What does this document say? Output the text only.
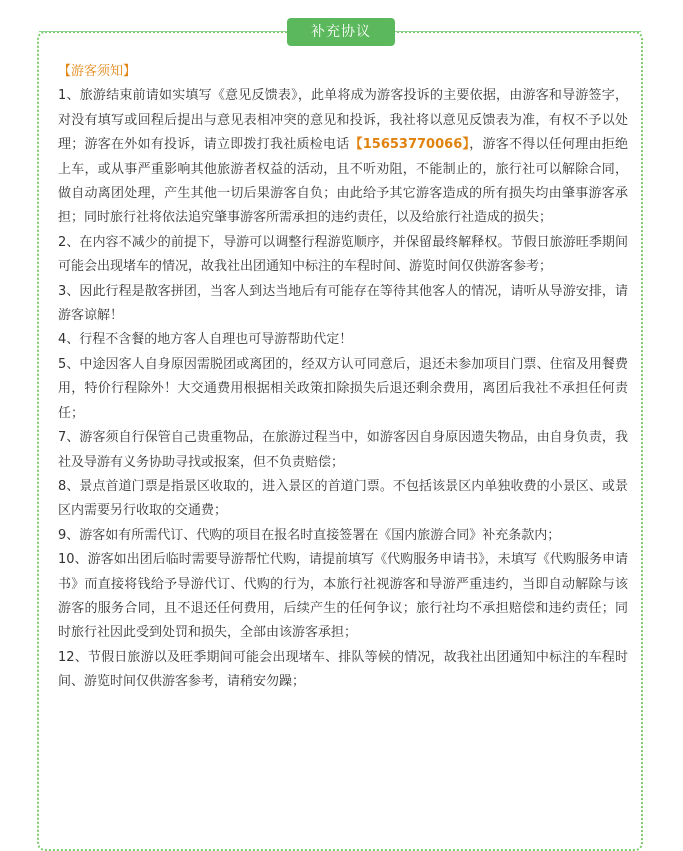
补充协议

【游客须知】

1、旅游结束前请如实填写《意见反馈表》，此单将成为游客投诉的主要依据，由游客和导游签字，对没有填写或回程后提出与意见表相冲突的意见和投诉，我社将以意见反馈表为准，有权不予以处理；游客在外如有投诉，请立即拨打我社质检电话【15653770066】，游客不得以任何理由拒绝上车，或从事严重影响其他旅游者权益的活动，且不听劝阻，不能制止的，旅行社可以解除合同，做自动离团处理，产生其他一切后果游客自负；由此给予其它游客造成的所有损失均由肇事游客承担；同时旅行社将依法追究肇事游客所需承担的违约责任，以及给旅行社造成的损失；

2、在内容不减少的前提下，导游可以调整行程游览顺序，并保留最终解释权。节假日旅游旺季期间可能会出现堵车的情况，故我社出团通知中标注的车程时间、游览时间仅供游客参考；

3、因此行程是散客拼团，当客人到达当地后有可能存在等待其他客人的情况，请听从导游安排，请游客谅解！

4、行程不含餐的地方客人自理也可导游帮助代定！

5、中途因客人自身原因需脱团或离团的，经双方认可同意后，退还未参加项目门票、住宿及用餐费用，特价行程除外！大交通费用根据相关政策扣除损失后退还剩余费用，离团后我社不承担任何责任；

7、游客须自行保管自己贵重物品，在旅游过程当中，如游客因自身原因遗失物品，由自身负责，我社及导游有义务协助寻找或报案，但不负责赔偿；

8、景点首道门票是指景区收取的，进入景区的首道门票。不包括该景区内单独收费的小景区、或景区内需要另行收取的交通费；

9、游客如有所需代订、代购的项目在报名时直接签署在《国内旅游合同》补充条款内；

10、游客如出团后临时需要导游帮忙代购，请提前填写《代购服务申请书》，未填写《代购服务申请书》而直接将钱给予导游代订、代购的行为，本旅行社视游客和导游严重违约，当即自动解除与该游客的服务合同，且不退还任何费用，后续产生的任何争议；旅行社均不承担赔偿和违约责任；同时旅行社因此受到处罚和损失，全部由该游客承担；

12、节假日旅游以及旺季期间可能会出现堵车、排队等候的情况，故我社出团通知中标注的车程时间、游览时间仅供游客参考，请稍安勿躁；
